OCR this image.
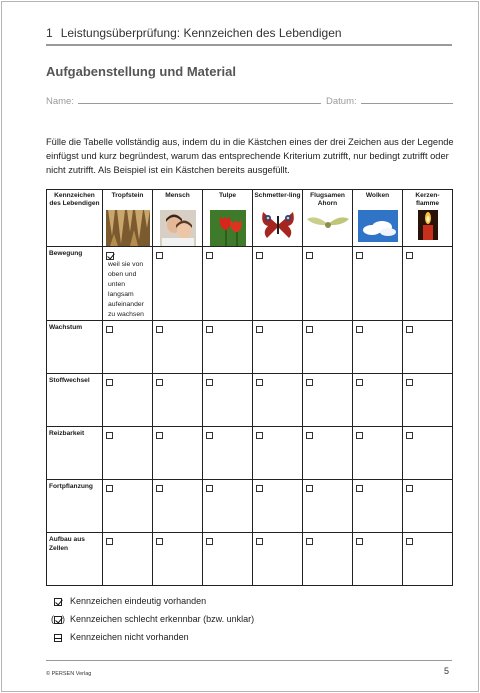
1 Leistungsüberprüfung: Kennzeichen des Lebendigen
Aufgabenstellung und Material
Name:	Datum:
Fülle die Tabelle vollständig aus, indem du in die Kästchen eines der drei Zeichen aus der Legende einfügst und kurz begründest, warum das entsprechende Kriterium zutrifft, nur bedingt zutrifft oder nicht zutrifft. Als Beispiel ist ein Kästchen bereits ausgefüllt.
Kennzeichen des Lebendigen	Tropfstein	Mensch	Tulpe	Schmetter-ling	Flugsamen Ahorn	Wolken	Kerzen-flamme

Bewegung	weil sie von oben und unten langsam aufeinander zu wachsen						
Wachstum							
Stoffwechsel							
Reizbarkeit							
Fortpflanzung							
Aufbau aus Zellen							
Kennzeichen eindeutig vorhanden
( ) Kennzeichen schlecht erkennbar (bzw. unklar)
Kennzeichen nicht vorhanden
© PERSEN Verlag	5
